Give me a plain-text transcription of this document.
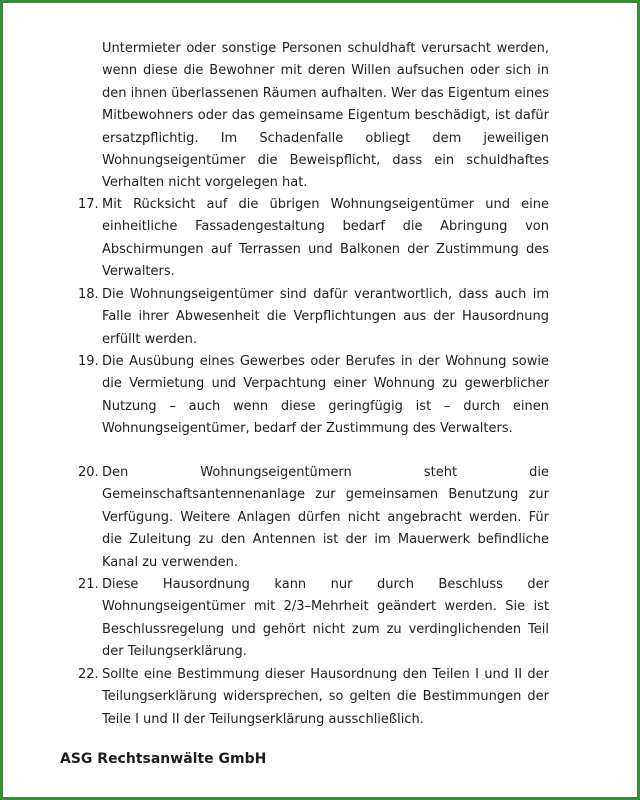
Untermieter oder sonstige Personen schuldhaft verursacht werden, wenn diese die Bewohner mit deren Willen aufsuchen oder sich in den ihnen überlassenen Räumen aufhalten. Wer das Eigentum eines Mitbewohners oder das gemeinsame Eigentum beschädigt, ist dafür ersatzpflichtig. Im Schadenfalle obliegt dem jeweiligen Wohnungseigentümer die Beweispflicht, dass ein schuldhaftes Verhalten nicht vorgelegen hat.

17. Mit Rücksicht auf die übrigen Wohnungseigentümer und eine einheitliche Fassadengestaltung bedarf die Abringung von Abschirmungen auf Terrassen und Balkonen der Zustimmung des Verwalters.
18. Die Wohnungseigentümer sind dafür verantwortlich, dass auch im Falle ihrer Abwesenheit die Verpflichtungen aus der Hausordnung erfüllt werden.
19. Die Ausübung eines Gewerbes oder Berufes in der Wohnung sowie die Vermietung und Verpachtung einer Wohnung zu gewerblicher Nutzung – auch wenn diese geringfügig ist – durch einen Wohnungseigentümer, bedarf der Zustimmung des Verwalters.
20. Den Wohnungseigentümern steht die Gemeinschaftsantennenanlage zur gemeinsamen Benutzung zur Verfügung. Weitere Anlagen dürfen nicht angebracht werden. Für die Zuleitung zu den Antennen ist der im Mauerwerk befindliche Kanal zu verwenden.
21. Diese Hausordnung kann nur durch Beschluss der Wohnungseigentümer mit 2/3–Mehrheit geändert werden. Sie ist Beschlussregelung und gehört nicht zum zu verdinglichenden Teil der Teilungserklärung.
22. Sollte eine Bestimmung dieser Hausordnung den Teilen I und II der Teilungserklärung widersprechen, so gelten die Bestimmungen der Teile I und II der Teilungserklärung ausschließlich.
ASG Rechtsanwälte GmbH
